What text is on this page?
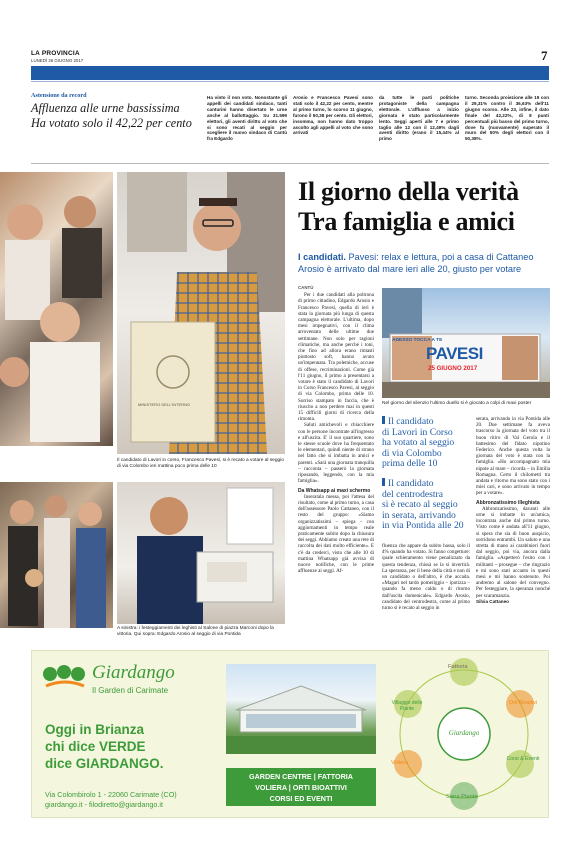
LA PROVINCIA
LUNEDÌ 26 GIUGNO 2017	7
Astensione da record
Affluenza alle urne bassissima
Ha votato solo il 42,22 per cento
Ha vinto il non voto. Nonostante gli appelli dei candidati sindaco, tanti canturini hanno disertato le urne anche al ballottaggio. Su 31.599 elettori, gli aventi diritto al voto che si sono recati al seggio per scegliere il nuovo sindaco di Cantù fra Edgardo
Arosio e Francesco Pavesi sono stati solo il 42,22 per cento, mentre al primo turno, lo scorso 11 giugno, furono il 50,38 per cento. Gli elettori, insomma, non hanno dato troppo ascolto agli appelli al voto che sono arrivati
da tutte le parti politiche protagoniste della campagna elettorale. L'afflusso a inizio giornata è stato particolarmente lento. Seggi aperti alle 7 e primo taglio alle 12 con il 12,49% dagli aventi diritto (erano il 15,44% al primo
turno. Seconda proiezione alle 19 con il 29,31% contro il 36,63% dell'11 giugno scorso. Alle 23, infine, il dato finale del 42,22%, di 8 punti percentuali più basso del primo turno, dove fu (nuovamente) superato il muro del 50% degli elettori con il 50,38%.
MINISTERO DELL'INTERNO
Il candidato di Lavori in corso, Francesco Pavesi, si è recato a votare al seggio di via Colombo ieri mattina poco prima delle 10
A sinistra: i festeggiamenti dei leghisti al Salone di piazza Marconi dopo la vittoria. Qui sopra: Edgardo Arosio al seggio di via Pontida
Il giorno della verità
Tra famiglia e amici
I candidati. Pavesi: relax e lettura, poi a casa di Cattaneo Arosio è arrivato dal mare ieri alle 20, giusto per votare
CANTÙ

Per i due candidati alla poltrona di primo cittadino, Edgardo Arosio e Francesco Pavesi, quella di ieri è stata la giornata più lunga di questa campagna elettorale. L'ultima, dopo mesi impegnativi, con il clima arroventato delle ultime due settimane. Non solo per ragioni climatiche, ma anche perché i toni, che fino ad allora erano rimasti piuttosto soft, hanno avuto un'impennata. Tra polemiche, accuse di offese, recriminazioni. Come già l'11 giugno, il primo a presentarsi a votare è stato il candidato di Lavori in Corso Francesco Pavesi, al seggio di via Colombo, prima delle 10. Sorriso stampato in faccia, che è riuscito a non perdere mai in questi 15 difficili giorni di ricerca della rimonta.

Saluti amichevoli e chiacchiere con le persone incontrate all'ingresso e all'uscita. E' il suo quartiere, sono le stesse scuole dove ha frequentato le elementari, quindi niente di strano nel fatto che si imbatta in amici e parenti. «Sarà una giornata tranquilla – racconta – passerò la giornata riposando, leggendo, con la mia famiglia».

Da Whatsapp ai maxi schermo

Inseratala messa, poi l'attesa del risultato, come al primo turno, a casa dell'assessore Paolo Cattaneo, con il resto del gruppo: «Siamo organizzatissimi – spiega – con aggiornamenti in tempo reale praticamente subito dopo la chiusura dei seggi. Abbiamo creato una rete di raccolta dei dati molto efficiente». E c'è da crederci, visto che alle 10 di mattina Whatsapp già avvisa di nuove notifiche, con le prime affluenze ai seggi. Af-

ADESSO TOCCA A TE
PAVESI
25 GIUGNO 2017
Nel giorno del silenzio l'ultimo duello si è giocato a colpi di maxi poster
Il candidato
di Lavori in Corso
ha votato al seggio
di via Colombo
prima delle 10
Il candidato
del centrodestra
si è recato al seggio
in serata, arrivando
in via Pontida alle 20

fluenza che appare da subito bassa, solo il 4% quando ha votato. Si fanno congetture: quale schieramento viene penalizzato da questa tendenza, chissà se la si invertirà. La speranza, per il bene della città e non di un candidato o dell'altro, è che accada. «Magari nel tardo pomeriggio – ipotizza – quando fa meno caldo o di ritorno dall'uscita domenicale». Edgardo Arosio, candidato del centrodestra, come al primo turno si è recato al seggio in

serata, arrivando in via Pontida alle 20. Due settimane fa aveva trascorso la giornata del voto tra il buon ritiro di Val Gerola e il battesimo del fidato nipotino Federico. Anche questa volta la giornata del voto è stata con la famiglia. «Ho accompagnato mia nipote al mare – ricorda – in Emilia Romagna. Certo il chilometri tra andata e ritorno ma sono stato con i miei cari, e sono arrivato in tempo per a votare».

Abbronzatissimo illeghista

Abbronzatissimo, davanti alle urne si imbatte in un'amica, incontrata anche dal primo turno. Visto come è andata all'11 giugno, si spera che sia di buon auspicio, sorridono entrambi. Un saluto e una stretta di mano ai carabinieri fuori dal seggio, poi via, ancora dalla famiglia. «Aspetterò l'esito con i militanti – prosegue – che ringrazio e mi sono stati accanto in questi mesi e mi hanno sostenuto. Poi andremo al salone del convegno. Per festeggiare, la speranza nonché per scaramanzia.

Silvia Cattaneo

Giardango
Il Garden di Carimate
Oggi in Brianza
chi dice VERDE
dice GIARDANGO.
Via Colombirolo 1 - 22060 Carimate (CO)
giardango.it - filodiretto@giardango.it
GARDEN CENTRE | FATTORIA
VOLIERA | ORTI BIOATTIVI
CORSI ED EVENTI
Fattoria
Orti Bioattivi
Corsi & Eventi
Sana Pianta
Voliera
Villaggio delle Piante
Giardango
